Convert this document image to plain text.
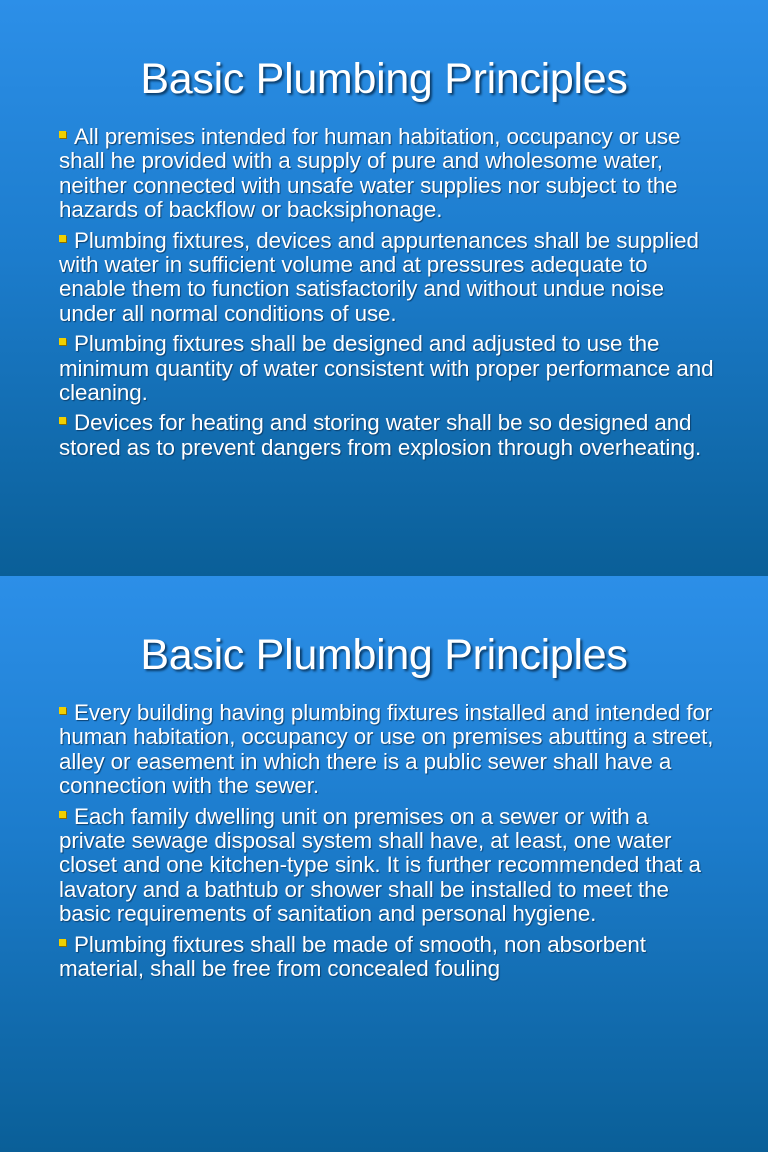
Basic Plumbing Principles
All premises intended for human habitation, occupancy or use shall he provided with a supply of pure and wholesome water, neither connected with unsafe water supplies nor subject to the hazards of backflow or backsiphonage.
Plumbing fixtures, devices and appurtenances shall be supplied with water in sufficient volume and at pressures adequate to enable them to function satisfactorily and without undue noise under all normal conditions of use.
Plumbing fixtures shall be designed and adjusted to use the minimum quantity of water consistent with proper performance and cleaning.
Devices for heating and storing water shall be so designed and stored as to prevent dangers from explosion through overheating.
Basic Plumbing Principles
Every building having plumbing fixtures installed and intended for human habitation, occupancy or use on premises abutting a street, alley or easement in which there is a public sewer shall have a connection with the sewer.
Each family dwelling unit on premises on a sewer or with a private sewage disposal system shall have, at least, one water closet and one kitchen-type sink. It is further recommended that a lavatory and a bathtub or shower shall be installed to meet the basic requirements of sanitation and personal hygiene.
Plumbing fixtures shall be made of smooth, non absorbent material, shall be free from concealed fouling
